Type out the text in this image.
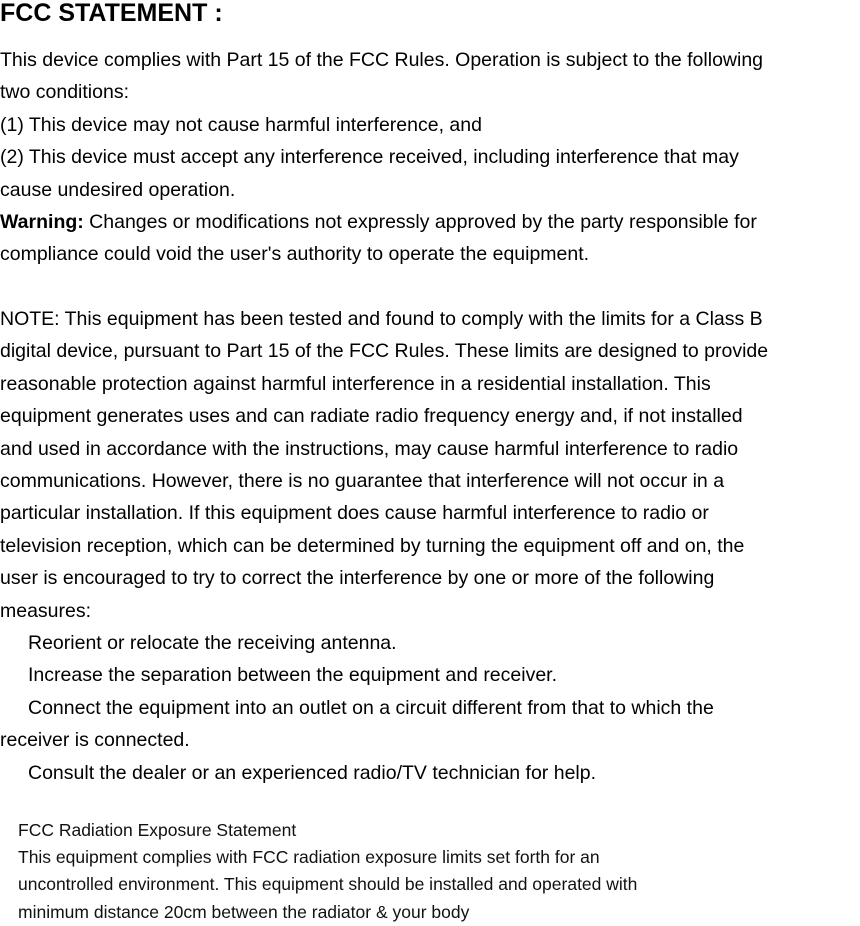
FCC STATEMENT :

This device complies with Part 15 of the FCC Rules. Operation is subject to the following

two conditions:

(1) This device may not cause harmful interference, and

(2) This device must accept any interference received, including interference that may

cause undesired operation.

Warning: Changes or modifications not expressly approved by the party responsible for

compliance could void the user's authority to operate the equipment.

NOTE: This equipment has been tested and found to comply with the limits for a Class B

digital device, pursuant to Part 15 of the FCC Rules. These limits are designed to provide

reasonable protection against harmful interference in a residential installation. This

equipment generates uses and can radiate radio frequency energy and, if not installed

and used in accordance with the instructions, may cause harmful interference to radio

communications. However, there is no guarantee that interference will not occur in a

particular installation. If this equipment does cause harmful interference to radio or

television reception, which can be determined by turning the equipment off and on, the

user is encouraged to try to correct the interference by one or more of the following

measures:

Reorient or relocate the receiving antenna.

Increase the separation between the equipment and receiver.

Connect the equipment into an outlet on a circuit different from that to which the

receiver is connected.

Consult the dealer or an experienced radio/TV technician for help.

FCC Radiation Exposure Statement

This equipment complies with FCC radiation exposure limits set forth for an

uncontrolled environment. This equipment should be installed and operated with

minimum distance 20cm between the radiator & your body
